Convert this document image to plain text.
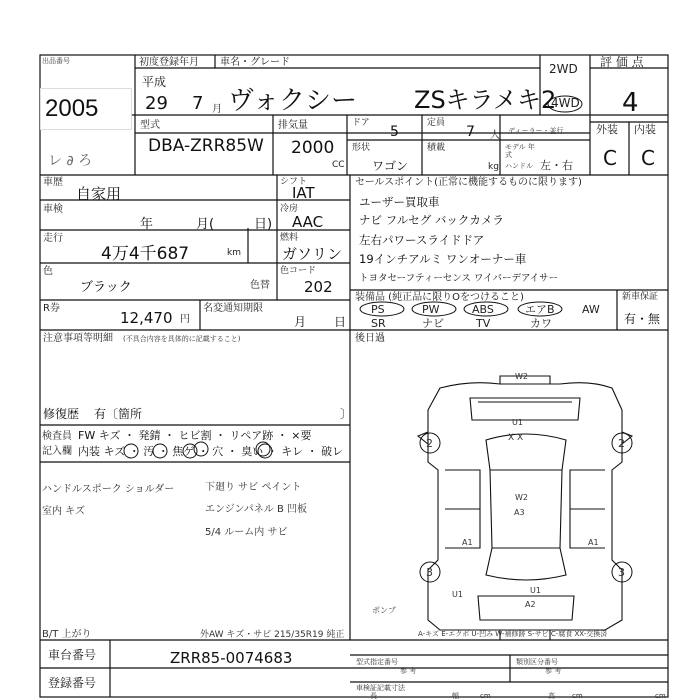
2005
出品番号
レ ∂ ろ
初度登録年月 車名・グレード
平成
29 7 月 ヴォクシー ZSキラメキ2
2WD
4WD
評 価 点
4
外装 内装
C C
型式
DBA-ZRR85W
排気量
2000
CC
ドア
5
定員
7 人 ディーラー・並行
形状
ワゴン
積載
kg
モデル 年式
ハンドル 左・右
車歴
自家用
車検
年	月(	日)
走行
4万4千687	km
色
ブラック	色替
R券
12,470 円
名変通知期限
月 日
シフト
IAT
冷房
AAC
燃料
ガソリン
色コード
202
セールスポイント(正常に機能するものに限ります)
ユーザー買取車
ナビ フルセグ バックカメラ
左右パワースライドドア
19インチアルミ ワンオーナー車
トヨタセーフティーセンス ワイパーデアイサー
装備品 (純正品に限りOをつけること)
PS	PW	ABS	エアB AW
SR	ナビ	TV	カワ
新車保証
有・無
注意事項等明細 (不具合内容を具体的に記載すること)	後日過
修復歴 有〔箇所	〕
検査員
記入欄
FW キズ ・ 発錆 ・ ヒビ割 ・ リペア跡 ・ ×要
内装 キズ ・ 汚 ・ 焦ゲ ・ 穴 ・ 臭い ・ キレ ・ 破レ
ハンドルスポーク ショルダー
室内 キズ
B/T 上がり
下廻り サビ ペイント
エンジンパネル B 凹板
5/4 ルーム内 サビ
外AW キズ・サビ 215/35R19 純正
ポンプ
W2
U1
X X
2	2
W2
A3
A1	A1
3	3
U1	U1
A2
A-キズ E-エクボ U-凹み W-補修跡 S-サビ C-腐食 XX-交換済
車台番号	ZRR85-0074683
登録番号
型式指定番号
参 考
類別区分番号
参 考
車検証記載寸法
長	幅	高
cm	cm	cm
